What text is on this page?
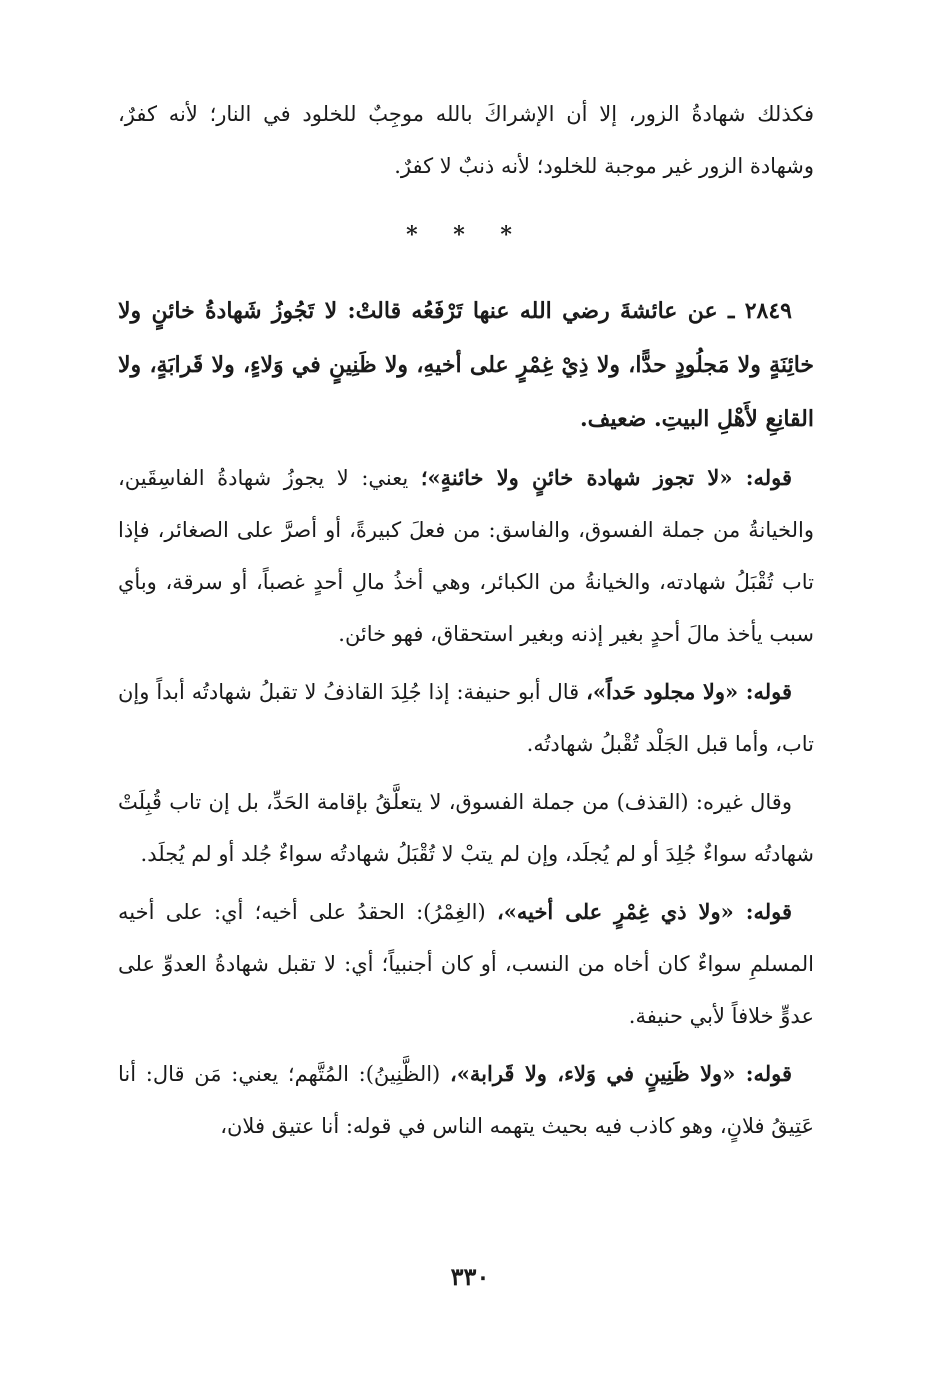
فكذلك شهادةُ الزور، إلا أن الإشراكَ بالله موجِبٌ للخلود في النار؛ لأنه كفرٌ، وشهادة الزور غير موجبة للخلود؛ لأنه ذنبٌ لا كفرٌ.

* * *

٢٨٤٩ ـ عن عائشةَ رضي الله عنها تَرْفَعُه قالتْ: لا تَجُوزُ شَهادةُ خائنٍ ولا خائِنَةٍ ولا مَجلُودٍ حدًّا، ولا ذِيْ غِمْرٍ على أخيهِ، ولا ظَنِينٍ في وَلاءٍ، ولا قَرابَةٍ، ولا القانِعِ لأَهْلِ البيتِ. ضعيف.

قوله: «لا تجوز شهادة خائنٍ ولا خائنةٍ»؛ يعني: لا يجوزُ شهادةُ الفاسِقَين، والخيانةُ من جملة الفسوق، والفاسق: من فعلَ كبيرةً، أو أصرَّ على الصغائر، فإذا تاب تُقْبَلُ شهادته، والخيانةُ من الكبائر، وهي أخذُ مالِ أحدٍ غصباً، أو سرقة، وبأي سبب يأخذ مالَ أحدٍ بغير إذنه وبغير استحقاق، فهو خائن.

قوله: «ولا مجلود حَداً»، قال أبو حنيفة: إذا جُلِدَ القاذفُ لا تقبلُ شهادتُه أبداً وإن تاب، وأما قبل الجَلْد تُقْبلُ شهادتُه.

وقال غيره: (القذف) من جملة الفسوق، لا يتعلَّقُ بإقامة الحَدِّ، بل إن تاب قُبِلَتْ شهادتُه سواءٌ جُلِدَ أو لم يُجلَد، وإن لم يتبْ لا تُقْبَلُ شهادتُه سواءٌ جُلد أو لم يُجلَد.

قوله: «ولا ذي غِمْرٍ على أخيه»، (الغِمْرُ): الحقدُ على أخيه؛ أي: على أخيه المسلمِ سواءٌ كان أخاه من النسب، أو كان أجنبياً؛ أي: لا تقبل شهادةُ العدوِّ على عدوٍّ خلافاً لأبي حنيفة.

قوله: «ولا ظَنِينٍ في وَلاء، ولا قَرابة»، (الظَّنِينُ): المُتَّهم؛ يعني: مَن قال: أنا عَتِيقُ فلانٍ، وهو كاذب فيه بحيث يتهمه الناس في قوله: أنا عتيق فلان،

٣٣٠
